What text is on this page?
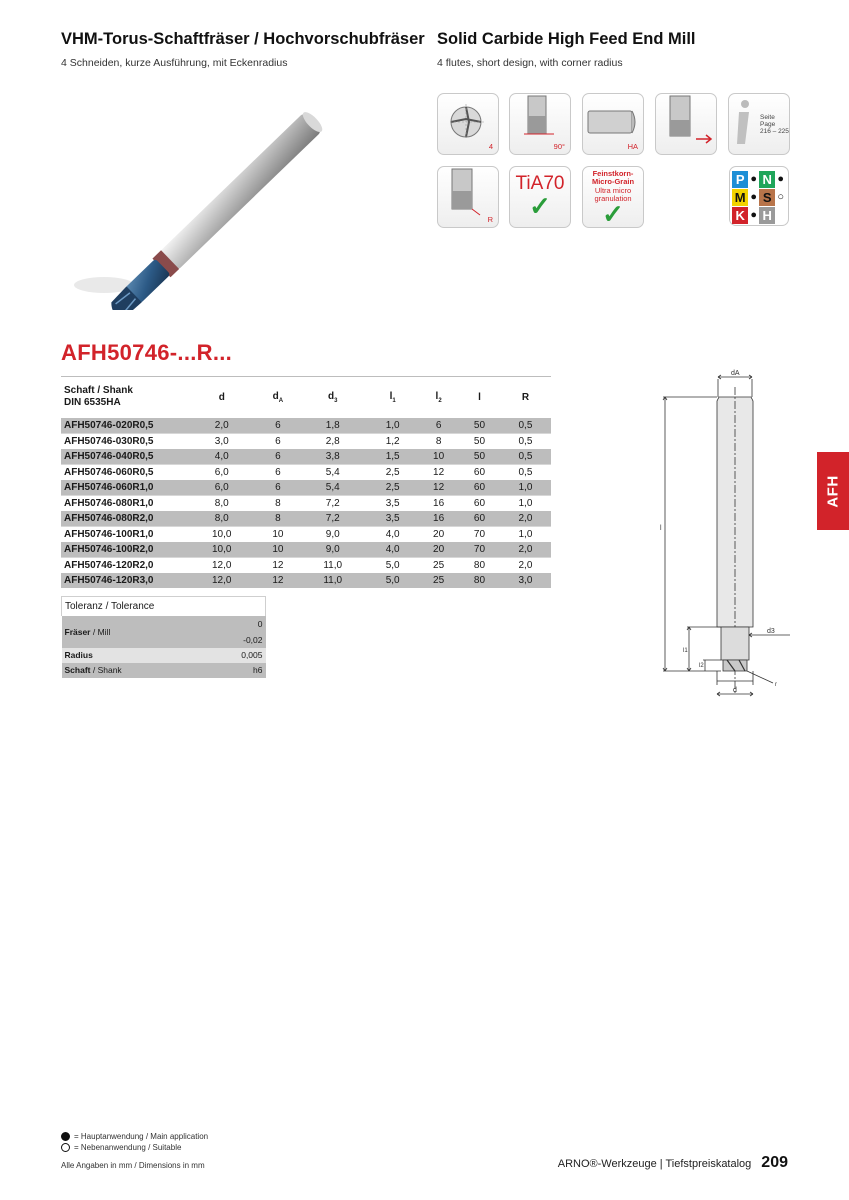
VHM-Torus-Schaftfräser / Hochvorschubfräser
4 Schneiden, kurze Ausführung, mit Eckenradius
Solid Carbide High Feed End Mill
4 flutes, short design, with corner radius
4	90°	HA
Seite Page
216 – 225
R
TiA70
✓
Feinstkorn-
Micro-Grain
Ultra micro
granulation
✓
P ● N ●
M ● S ○
K ● H
AFH50746-...R...
Schaft / Shank
DIN 6535HA	d	$d_A$	$d_3$	$l_1$	$l_2$	l	R
AFH50746-020R0,5	2,0	6	1,8	1,0	6	50	0,5
AFH50746-030R0,5	3,0	6	2,8	1,2	8	50	0,5
AFH50746-040R0,5	4,0	6	3,8	1,5	10	50	0,5
AFH50746-060R0,5	6,0	6	5,4	2,5	12	60	0,5
AFH50746-060R1,0	6,0	6	5,4	2,5	12	60	1,0
AFH50746-080R1,0	8,0	8	7,2	3,5	16	60	1,0
AFH50746-080R2,0	8,0	8	7,2	3,5	16	60	2,0
AFH50746-100R1,0	10,0	10	9,0	4,0	20	70	1,0
AFH50746-100R2,0	10,0	10	9,0	4,0	20	70	2,0
AFH50746-120R2,0	12,0	12	11,0	5,0	25	80	2,0
AFH50746-120R3,0	12,0	12	11,0	5,0	25	80	3,0
Toleranz / Tolerance	
Fräser / Mill	0
	-0,02
Radius	0,005
Schaft / Shank	h6
dA
l
l1
l2
d3
d
r
AFH
= Hauptanwendung / Main application
= Nebenanwendung / Suitable
Alle Angaben in mm / Dimensions in mm	ARNO®-Werkzeuge | Tiefstpreiskatalog 209
